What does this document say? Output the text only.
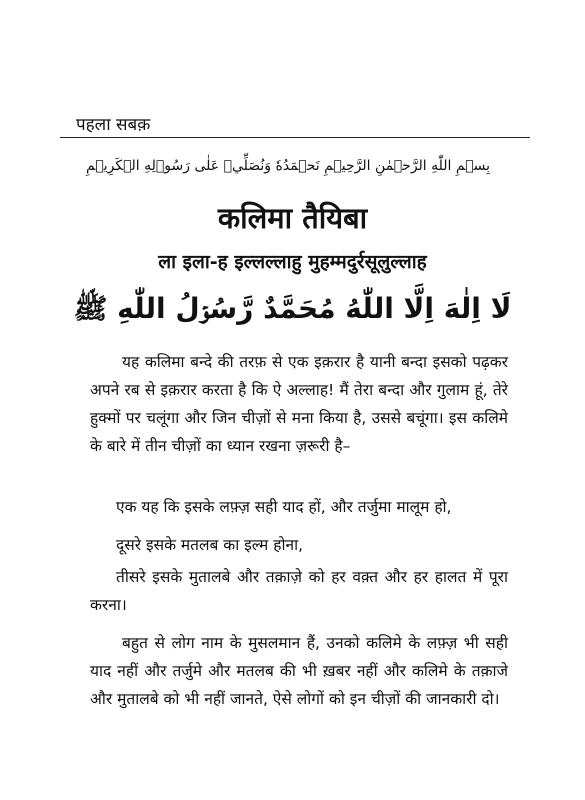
पहला सबक़
بِسۡمِ اللّٰهِ الرَّحۡمٰنِ الرَّحِيۡمِ نَحۡمَدُهٗ وَنُصَلِّيۡ عَلٰى رَسُوۡلِهِ الۡكَرِيۡمِ
कलिमा तैयिबा
ला इला-ह इल्लल्लाहु मुहम्मदुर्रसूलुल्लाह
لَا اِلٰهَ اِلَّا اللّٰهُ مُحَمَّدٌ رَّسُوۡلُ اللّٰهِ ﷺ
यह कलिमा बन्दे की तरफ़ से एक इक़रार है यानी बन्दा इसको पढ़कर अपने रब से इक़रार करता है कि ऐ अल्लाह! मैं तेरा बन्दा और गुलाम हूं, तेरे हुक्मों पर चलूंगा और जिन चीज़ों से मना किया है, उससे बचूंगा। इस कलिमे के बारे में तीन चीज़ों का ध्यान रखना ज़रूरी है–
एक यह कि इसके लफ़्ज़ सही याद हों, और तर्जुमा मालूम हो,
दूसरे इसके मतलब का इल्म होना,
तीसरे इसके मुतालबे और तक़ाज़े को हर वक़्त और हर हालत में पूरा करना।
बहुत से लोग नाम के मुसलमान हैं, उनको कलिमे के लफ़्ज़ भी सही याद नहीं और तर्जुमे और मतलब की भी ख़बर नहीं और कलिमे के तक़ाजे और मुतालबे को भी नहीं जानते, ऐसे लोगों को इन चीज़ों की जानकारी दो।
